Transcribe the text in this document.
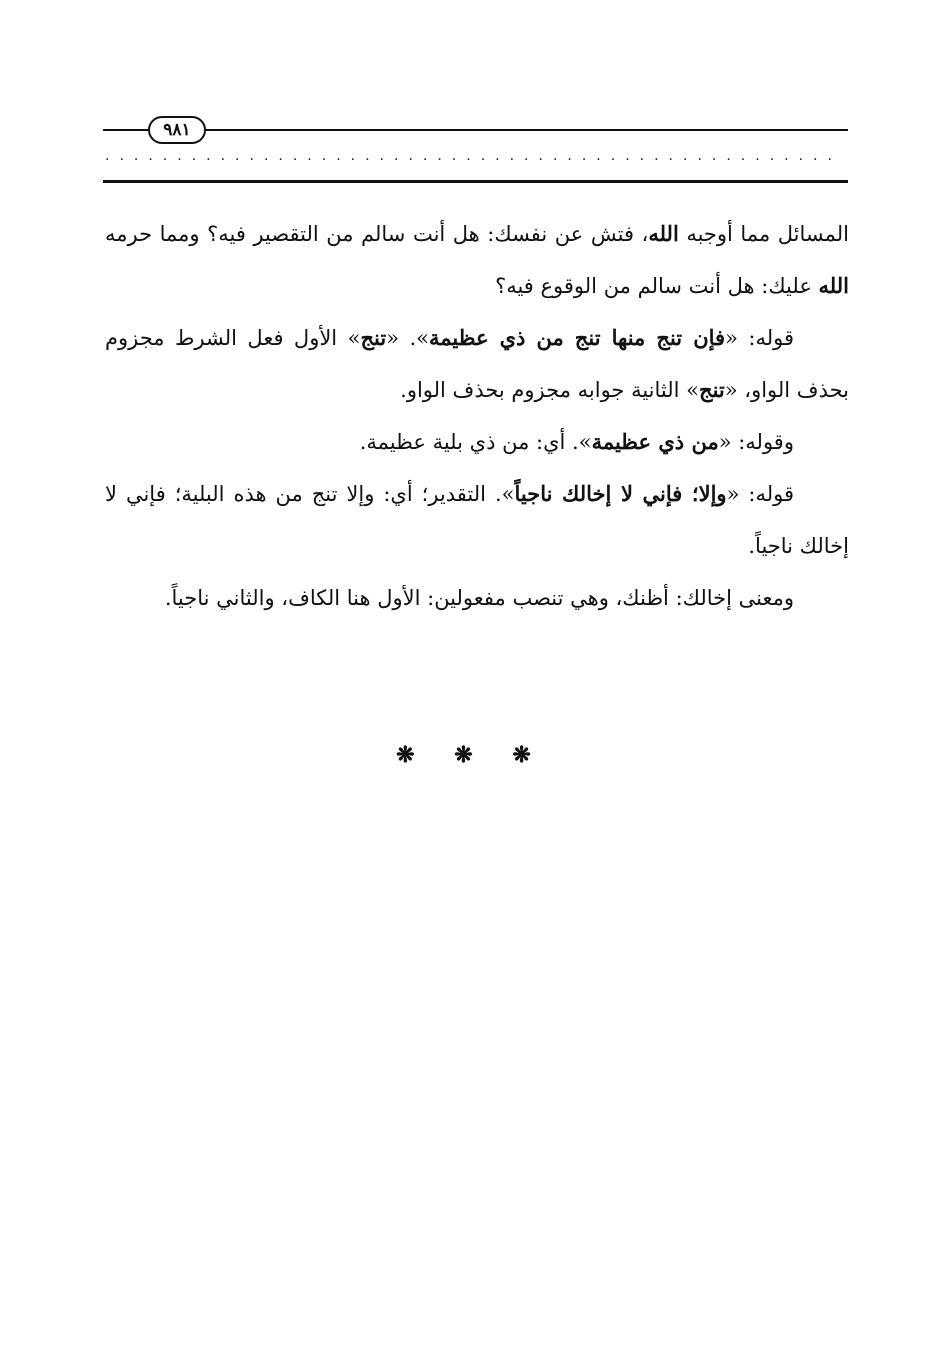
٩٨١
...................................................

المسائل مما أوجبه الله، فتش عن نفسك: هل أنت سالم من التقصير فيه؟ ومما حرمه الله عليك: هل أنت سالم من الوقوع فيه؟

قوله: «فإن تنج منها تنج من ذي عظيمة». «تنج» الأول فعل الشرط مجزوم بحذف الواو، «تنج» الثانية جوابه مجزوم بحذف الواو.

وقوله: «من ذي عظيمة». أي: من ذي بلية عظيمة.

قوله: «وإلا؛ فإني لا إخالك ناجياً». التقدير؛ أي: وإلا تنج من هذه البلية؛ فإني لا إخالك ناجياً.

ومعنى إخالك: أظنك، وهي تنصب مفعولين: الأول هنا الكاف، والثاني ناجياً.

❋ ❋ ❋
